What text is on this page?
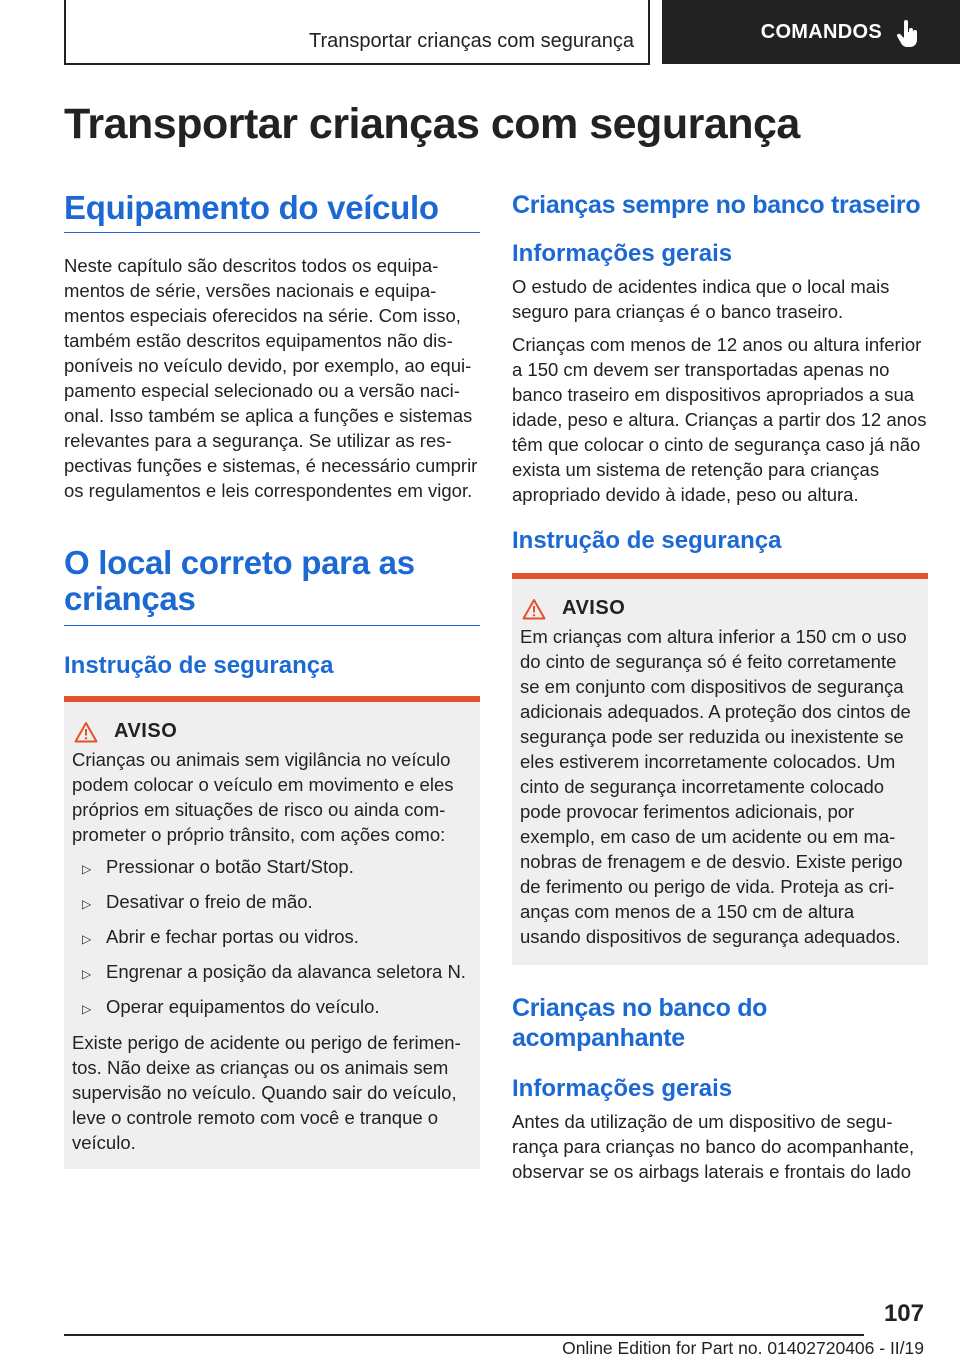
Transportar crianças com segurança	COMANDOS
Transportar crianças com segurança
Equipamento do veículo
Neste capítulo são descritos todos os equipamentos de série, versões nacionais e equipamentos especiais oferecidos na série. Com isso, também estão descritos equipamentos não disponíveis no veículo devido, por exemplo, ao equipamento especial selecionado ou a versão nacional. Isso também se aplica a funções e sistemas relevantes para a segurança. Se utilizar as respectivas funções e sistemas, é necessário cumprir os regulamentos e leis correspondentes em vigor.
O local correto para as crianças
Instrução de segurança
AVISO
Crianças ou animais sem vigilância no veículo podem colocar o veículo em movimento e eles próprios em situações de risco ou ainda comprometer o próprio trânsito, com ações como:
▷ Pressionar o botão Start/Stop.
▷ Desativar o freio de mão.
▷ Abrir e fechar portas ou vidros.
▷ Engrenar a posição da alavanca seletora N.
▷ Operar equipamentos do veículo.
Existe perigo de acidente ou perigo de ferimentos. Não deixe as crianças ou os animais sem supervisão no veículo. Quando sair do veículo, leve o controle remoto com você e tranque o veículo.
Crianças sempre no banco traseiro
Informações gerais
O estudo de acidentes indica que o local mais seguro para crianças é o banco traseiro.
Crianças com menos de 12 anos ou altura inferior a 150 cm devem ser transportadas apenas no banco traseiro em dispositivos apropriados a sua idade, peso e altura. Crianças a partir dos 12 anos têm que colocar o cinto de segurança caso já não exista um sistema de retenção para crianças apropriado devido à idade, peso ou altura.
Instrução de segurança
AVISO
Em crianças com altura inferior a 150 cm o uso do cinto de segurança só é feito corretamente se em conjunto com dispositivos de segurança adicionais adequados. A proteção dos cintos de segurança pode ser reduzida ou inexistente se eles estiverem incorretamente colocados. Um cinto de segurança incorretamente colocado pode provocar ferimentos adicionais, por exemplo, em caso de um acidente ou em manobras de frenagem e de desvio. Existe perigo de ferimento ou perigo de vida. Proteja as crianças com menos de a 150 cm de altura usando dispositivos de segurança adequados.
Crianças no banco do acompanhante
Informações gerais
Antes da utilização de um dispositivo de segurança para crianças no banco do acompanhante, observar se os airbags laterais e frontais do lado
107
Online Edition for Part no. 01402720406 - II/19
